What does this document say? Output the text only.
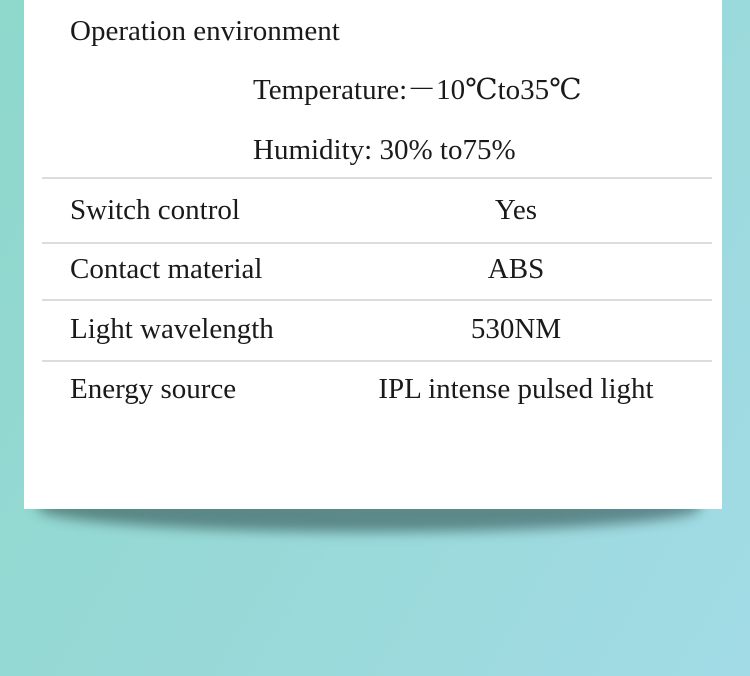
Operation environment
Temperature:－10℃to35℃
Humidity: 30% to75%
Switch control	Yes
Contact material	ABS
Light wavelength	530NM
Energy source	IPL intense pulsed light
